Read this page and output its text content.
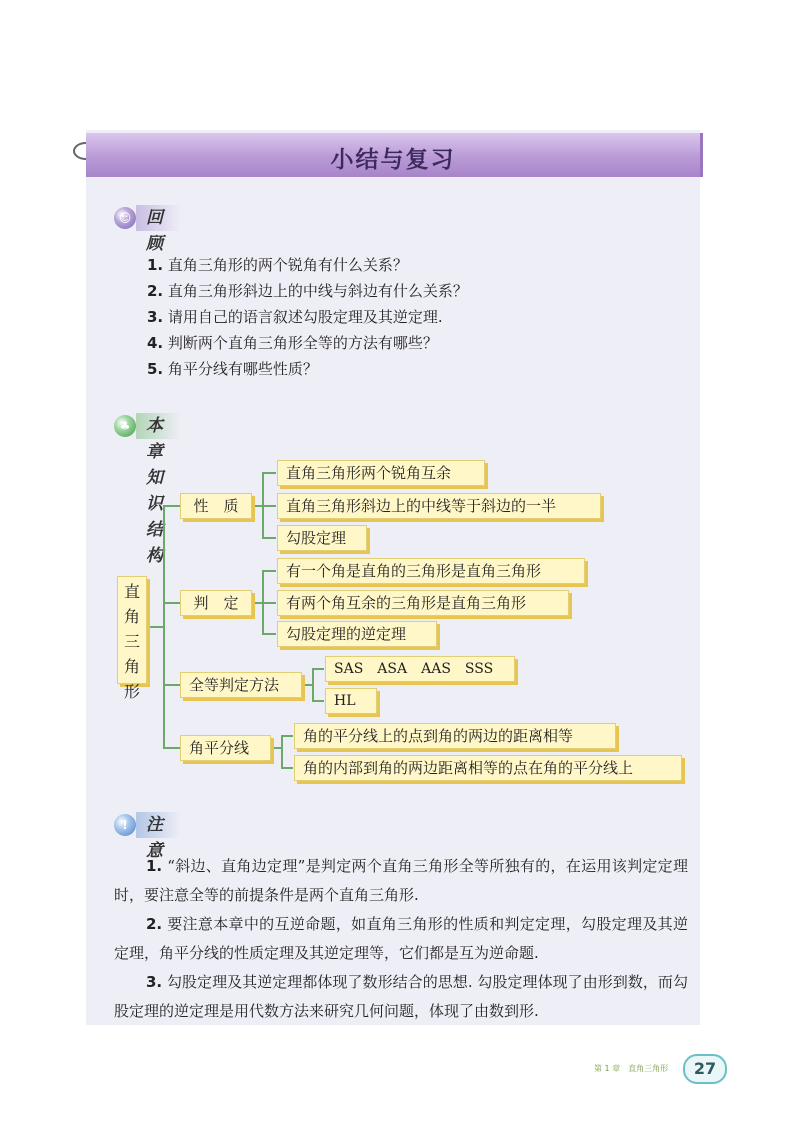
小结与复习
☺ 回顾
1. 直角三角形的两个锐角有什么关系？
2. 直角三角形斜边上的中线与斜边有什么关系？
3. 请用自己的语言叙述勾股定理及其逆定理.
4. 判断两个直角三角形全等的方法有哪些？
5. 角平分线有哪些性质？
♣ 本章知识结构
直
角
三
角
形
性　质
判　定
全等判定方法
角平分线
直角三角形两个锐角互余
直角三角形斜边上的中线等于斜边的一半
勾股定理
有一个角是直角的三角形是直角三角形
有两个角互余的三角形是直角三角形
勾股定理的逆定理
SAS　ASA　AAS　SSS
HL
角的平分线上的点到角的两边的距离相等
角的内部到角的两边距离相等的点在角的平分线上
!	注意

1. “斜边、直角边定理”是判定两个直角三角形全等所独有的，在运用该判定定理时，要注意全等的前提条件是两个直角三角形.

2. 要注意本章中的互逆命题，如直角三角形的性质和判定定理，勾股定理及其逆定理，角平分线的性质定理及其逆定理等，它们都是互为逆命题.

3. 勾股定理及其逆定理都体现了数形结合的思想. 勾股定理体现了由形到数，而勾股定理的逆定理是用代数方法来研究几何问题，体现了由数到形.

第 1 章　直角三角形	27
